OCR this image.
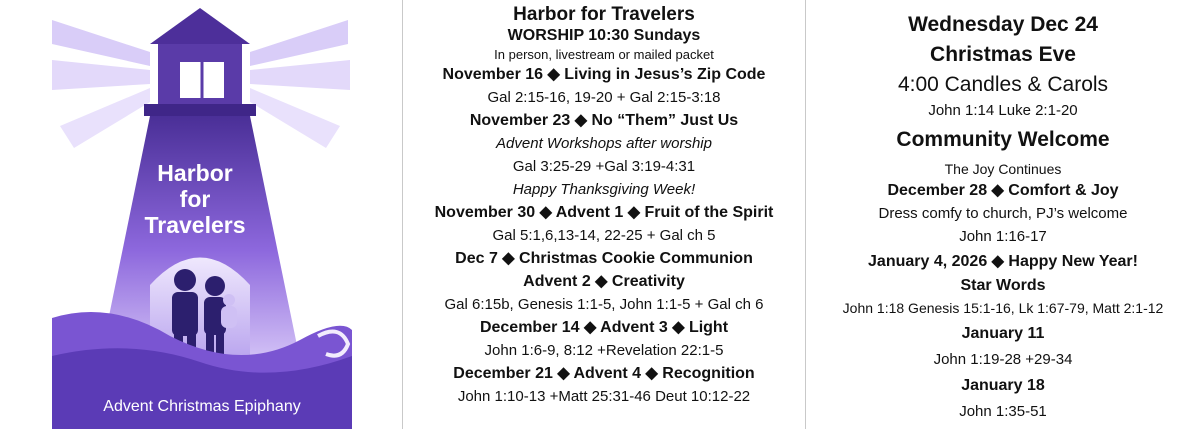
Harbor
for
Travelers
Advent Christmas Epiphany
Harbor for Travelers
WORSHIP 10:30 Sundays
In person, livestream or mailed packet
November 16 ◆ Living in Jesus’s Zip Code
Gal 2:15-16, 19-20 + Gal 2:15-3:18
November 23 ◆ No “Them” Just Us
Advent Workshops after worship
Gal 3:25-29 +Gal 3:19-4:31
Happy Thanksgiving Week!
November 30 ◆ Advent 1 ◆ Fruit of the Spirit
Gal 5:1,6,13-14, 22-25 + Gal ch 5
Dec 7 ◆ Christmas Cookie Communion
Advent 2 ◆ Creativity
Gal 6:15b, Genesis 1:1-5, John 1:1-5 + Gal ch 6
December 14 ◆ Advent 3 ◆ Light
John 1:6-9, 8:12 +Revelation 22:1-5
December 21 ◆ Advent 4 ◆ Recognition
John 1:10-13 +Matt 25:31-46 Deut 10:12-22
Wednesday Dec 24
Christmas Eve
4:00 Candles & Carols
John 1:14 Luke 2:1-20
Community Welcome
The Joy Continues
December 28 ◆ Comfort & Joy
Dress comfy to church, PJ’s welcome
John 1:16-17
January 4, 2026 ◆ Happy New Year!
Star Words
John 1:18 Genesis 15:1-16, Lk 1:67-79, Matt 2:1-12
January 11
John 1:19-28 +29-34
January 18
John 1:35-51
